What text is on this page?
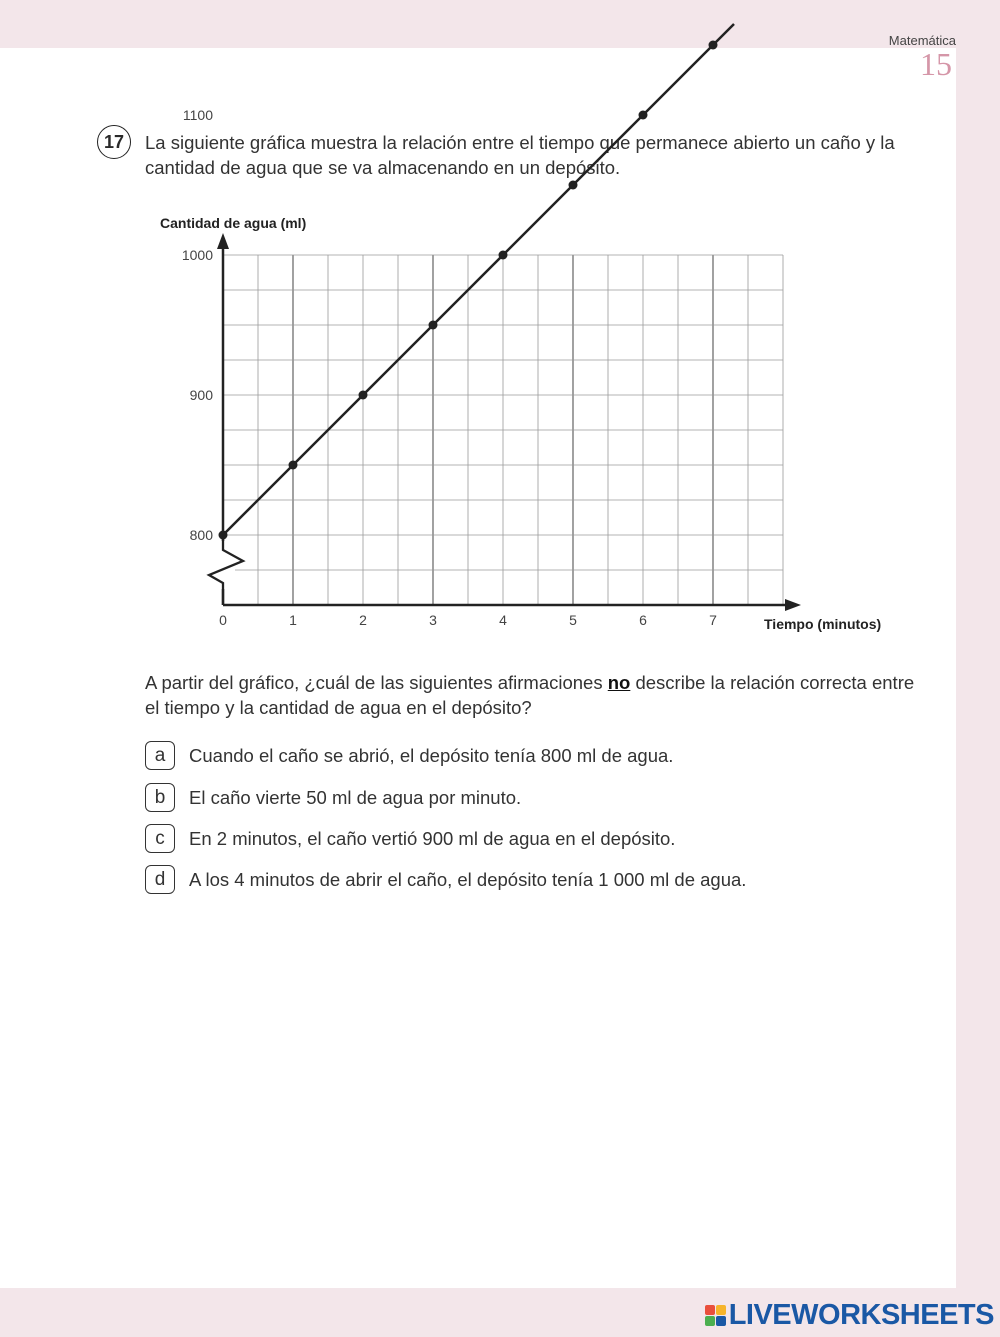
Matemática
15
17	La siguiente gráfica muestra la relación entre el tiempo que permanece abierto un caño y la cantidad de agua que se va almacenando en un depósito.
0	1	2	3	4	5	6	7
800
900
1000
1100
Cantidad de agua (ml)
Tiempo (minutos)
A partir del gráfico, ¿cuál de las siguientes afirmaciones no describe la relación correcta entre el tiempo y la cantidad de agua en el depósito?
a	Cuando el caño se abrió, el depósito tenía 800 ml de agua.
b	El caño vierte 50 ml de agua por minuto.
c	En 2 minutos, el caño vertió 900 ml de agua en el depósito.
d	A los 4 minutos de abrir el caño, el depósito tenía 1 000 ml de agua.
LIVEWORKSHEETS
